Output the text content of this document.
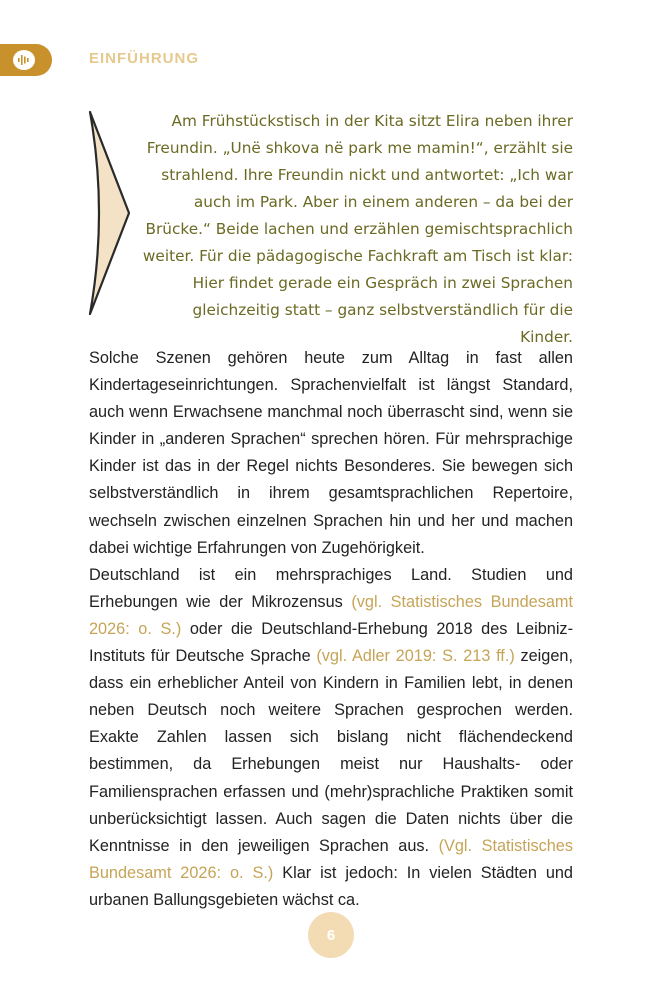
EINFÜHRUNG

Am Frühstückstisch in der Kita sitzt Elira neben ihrer Freundin. „Unë shkova në park me mamin!“, erzählt sie strahlend. Ihre Freundin nickt und antwortet: „Ich war auch im Park. Aber in einem anderen – da bei der Brücke.“ Beide lachen und erzählen gemischtsprachlich weiter. Für die pädagogische Fachkraft am Tisch ist klar: Hier findet gerade ein Gespräch in zwei Sprachen gleichzeitig statt – ganz selbstverständlich für die Kinder.

Solche Szenen gehören heute zum Alltag in fast allen Kindertageseinrichtungen. Sprachenvielfalt ist längst Standard, auch wenn Erwachsene manchmal noch überrascht sind, wenn sie Kinder in „anderen Sprachen“ sprechen hören. Für mehrsprachige Kinder ist das in der Regel nichts Besonderes. Sie bewegen sich selbstverständlich in ihrem gesamtsprachlichen Repertoire, wechseln zwischen einzelnen Sprachen hin und her und machen dabei wichtige Erfahrungen von Zugehörigkeit.

Deutschland ist ein mehrsprachiges Land. Studien und Erhebungen wie der Mikrozensus (vgl. Statistisches Bundesamt 2026: o. S.) oder die Deutschland-Erhebung 2018 des Leibniz-Instituts für Deutsche Sprache (vgl. Adler 2019: S. 213 ff.) zeigen, dass ein erheblicher Anteil von Kindern in Familien lebt, in denen neben Deutsch noch weitere Sprachen gesprochen werden. Exakte Zahlen lassen sich bislang nicht flächendeckend bestimmen, da Erhebungen meist nur Haushalts- oder Familiensprachen erfassen und (mehr)sprachliche Praktiken somit unberücksichtigt lassen. Auch sagen die Daten nichts über die Kenntnisse in den jeweiligen Sprachen aus. (Vgl. Statistisches Bundesamt 2026: o. S.) Klar ist jedoch: In vielen Städten und urbanen Ballungsgebieten wächst ca.

6
